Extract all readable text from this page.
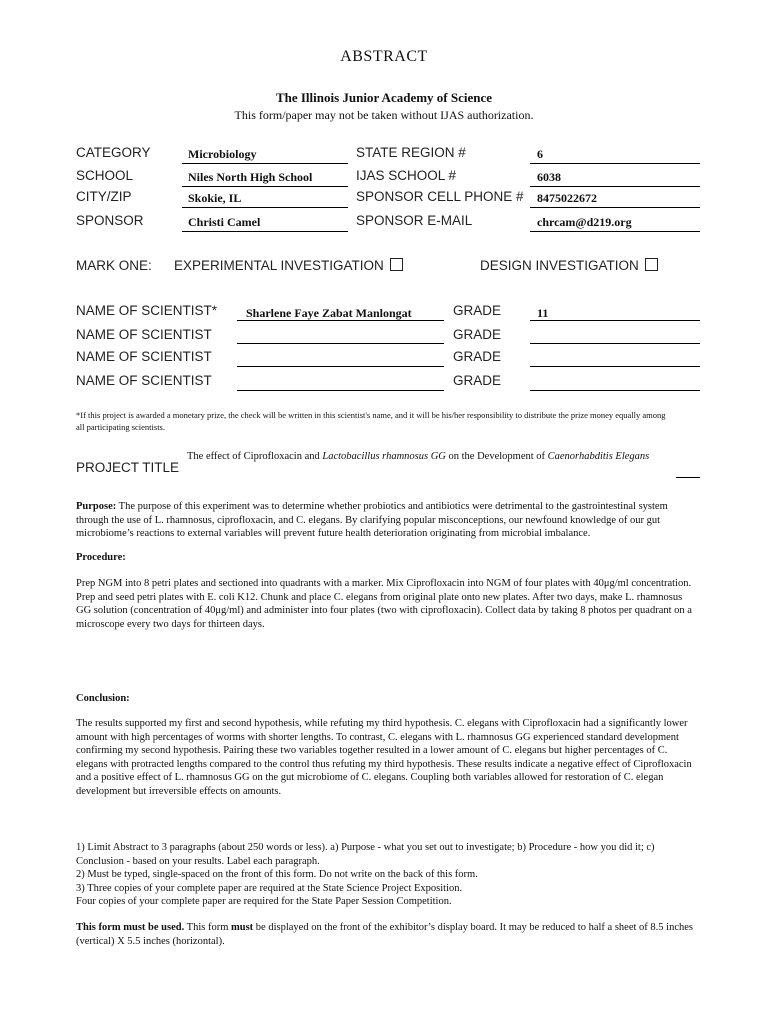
ABSTRACT
The Illinois Junior Academy of Science
This form/paper may not be taken without IJAS authorization.
CATEGORY	Microbiology	STATE REGION #	6
SCHOOL	Niles North High School	IJAS SCHOOL #	6038
CITY/ZIP	Skokie, IL	SPONSOR CELL PHONE # 8475022672
SPONSOR	Christi Camel	SPONSOR E-MAIL	chrcam@d219.org
MARK ONE: EXPERIMENTAL INVESTIGATION	DESIGN INVESTIGATION
NAME OF SCIENTIST* Sharlene Faye Zabat Manlongat	GRADE	11
NAME OF SCIENTIST	GRADE
NAME OF SCIENTIST	GRADE
NAME OF SCIENTIST	GRADE
*If this project is awarded a monetary prize, the check will be written in this scientist's name, and it will be his/her responsibility to distribute the prize money equally among all participating scientists.
PROJECT TITLE
The effect of Ciprofloxacin and Lactobacillus rhamnosus GG on the Development of Caenorhabditis Elegans
Purpose: The purpose of this experiment was to determine whether probiotics and antibiotics were detrimental to the gastrointestinal system through the use of L. rhamnosus, ciprofloxacin, and C. elegans. By clarifying popular misconceptions, our newfound knowledge of our gut microbiome’s reactions to external variables will prevent future health deterioration originating from microbial imbalance.
Procedure:
Prep NGM into 8 petri plates and sectioned into quadrants with a marker. Mix Ciprofloxacin into NGM of four plates with 40μg/ml concentration. Prep and seed petri plates with E. coli K12. Chunk and place C. elegans from original plate onto new plates. After two days, make L. rhamnosus GG solution (concentration of 40μg/ml) and administer into four plates (two with ciprofloxacin). Collect data by taking 8 photos per quadrant on a microscope every two days for thirteen days.
Conclusion:
The results supported my first and second hypothesis, while refuting my third hypothesis. C. elegans with Ciprofloxacin had a significantly lower amount with high percentages of worms with shorter lengths. To contrast, C. elegans with L. rhamnosus GG experienced standard development confirming my second hypothesis. Pairing these two variables together resulted in a lower amount of C. elegans but higher percentages of C. elegans with protracted lengths compared to the control thus refuting my third hypothesis. These results indicate a negative effect of Ciprofloxacin and a positive effect of L. rhamnosus GG on the gut microbiome of C. elegans. Coupling both variables allowed for restoration of C. elegan development but irreversible effects on amounts.
1) Limit Abstract to 3 paragraphs (about 250 words or less). a) Purpose - what you set out to investigate; b) Procedure - how you did it; c) Conclusion - based on your results. Label each paragraph.
2) Must be typed, single-spaced on the front of this form. Do not write on the back of this form.
3) Three copies of your complete paper are required at the State Science Project Exposition.
Four copies of your complete paper are required for the State Paper Session Competition.
This form must be used. This form must be displayed on the front of the exhibitor’s display board. It may be reduced to half a sheet of 8.5 inches (vertical) X 5.5 inches (horizontal).
